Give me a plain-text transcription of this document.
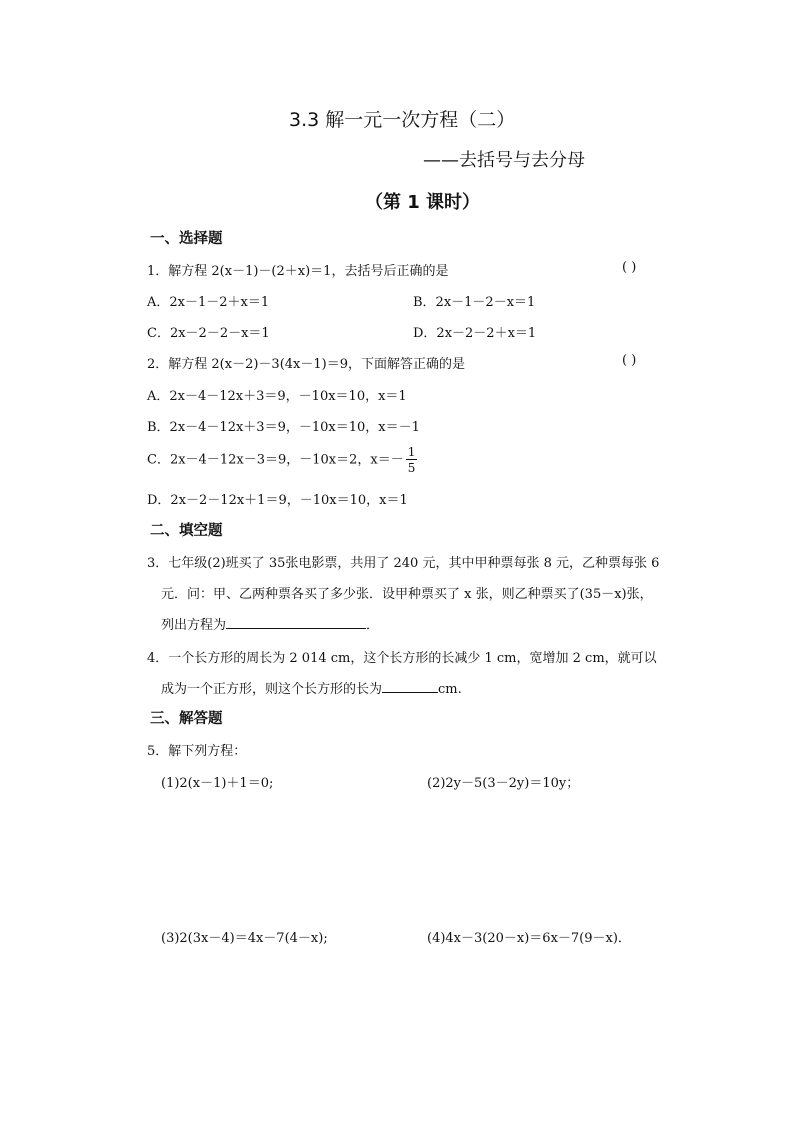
3.3 解一元一次方程（二）
——去括号与去分母
（第 1 课时）
一、选择题
1．解方程 2(x－1)－(2＋x)＝1，去括号后正确的是	( )
A．2x－1－2＋x＝1	B．2x－1－2－x＝1
C．2x－2－2－x＝1	D．2x－2－2＋x＝1
2．解方程 2(x－2)－3(4x－1)＝9，下面解答正确的是	( )
A．2x－4－12x＋3＝9，－10x＝10，x＝1
B．2x－4－12x＋3＝9，－10x＝10，x＝－1
C．2x－4－12x－3＝9，－10x＝2，$x=- \frac{1}{5}$
D．2x－2－12x＋1＝9，－10x＝10，x＝1
二、填空题
3．七年级(2)班买了 35张电影票，共用了 240 元，其中甲种票每张 8 元，乙种票每张 6
元．问：甲、乙两种票各买了多少张．设甲种票买了 x 张，则乙种票买了(35－x)张，
列出方程为	．
4．一个长方形的周长为 2 014 cm，这个长方形的长减少 1 cm，宽增加 2 cm，就可以
成为一个正方形，则这个长方形的长为	cm.
三、解答题
5．解下列方程：
(1)2(x－1)＋1＝0;	(2)2y－5(3－2y)＝10y；
(3)2(3x－4)＝4x－7(4－x);	(4)4x－3(20－x)＝6x－7(9－x)．
